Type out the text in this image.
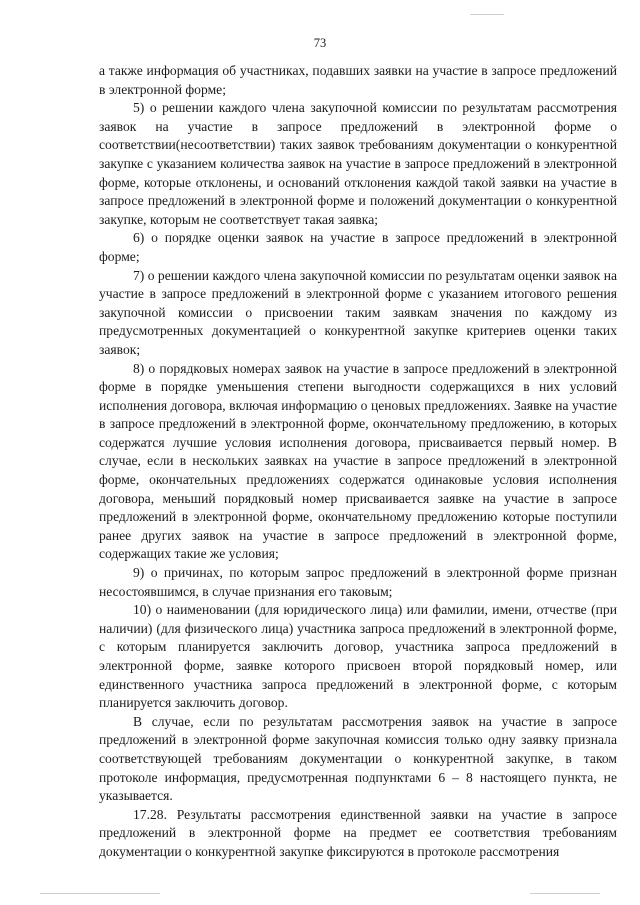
73

а также информация об участниках, подавших заявки на участие в запросе предложений в электронной форме;

5) о решении каждого члена закупочной комиссии по результатам рассмотрения заявок на участие в запросе предложений в электронной форме о соответствии(несоответствии) таких заявок требованиям документации о конкурентной закупке с указанием количества заявок на участие в запросе предложений в электронной форме, которые отклонены, и оснований отклонения каждой такой заявки на участие в запросе предложений в электронной форме и положений документации о конкурентной закупке, которым не соответствует такая заявка;

6) о порядке оценки заявок на участие в запросе предложений в электронной форме;

7) о решении каждого члена закупочной комиссии по результатам оценки заявок на участие в запросе предложений в электронной форме с указанием итогового решения закупочной комиссии о присвоении таким заявкам значения по каждому из предусмотренных документацией о конкурентной закупке критериев оценки таких заявок;

8) о порядковых номерах заявок на участие в запросе предложений в электронной форме в порядке уменьшения степени выгодности содержащихся в них условий исполнения договора, включая информацию о ценовых предложениях. Заявке на участие в запросе предложений в электронной форме, окончательному предложению, в которых содержатся лучшие условия исполнения договора, присваивается первый номер. В случае, если в нескольких заявках на участие в запросе предложений в электронной форме, окончательных предложениях содержатся одинаковые условия исполнения договора, меньший порядковый номер присваивается заявке на участие в запросе предложений в электронной форме, окончательному предложению которые поступили ранее других заявок на участие в запросе предложений в электронной форме, содержащих такие же условия;

9) о причинах, по которым запрос предложений в электронной форме признан несостоявшимся, в случае признания его таковым;

10) о наименовании (для юридического лица) или фамилии, имени, отчестве (при наличии) (для физического лица) участника запроса предложений в электронной форме, с которым планируется заключить договор, участника запроса предложений в электронной форме, заявке которого присвоен второй порядковый номер, или единственного участника запроса предложений в электронной форме, с которым планируется заключить договор.

В случае, если по результатам рассмотрения заявок на участие в запросе предложений в электронной форме закупочная комиссия только одну заявку признала соответствующей требованиям документации о конкурентной закупке, в таком протоколе информация, предусмотренная подпунктами 6 – 8 настоящего пункта, не указывается.

17.28. Результаты рассмотрения единственной заявки на участие в запросе предложений в электронной форме на предмет ее соответствия требованиям документации о конкурентной закупке фиксируются в протоколе рассмотрения
